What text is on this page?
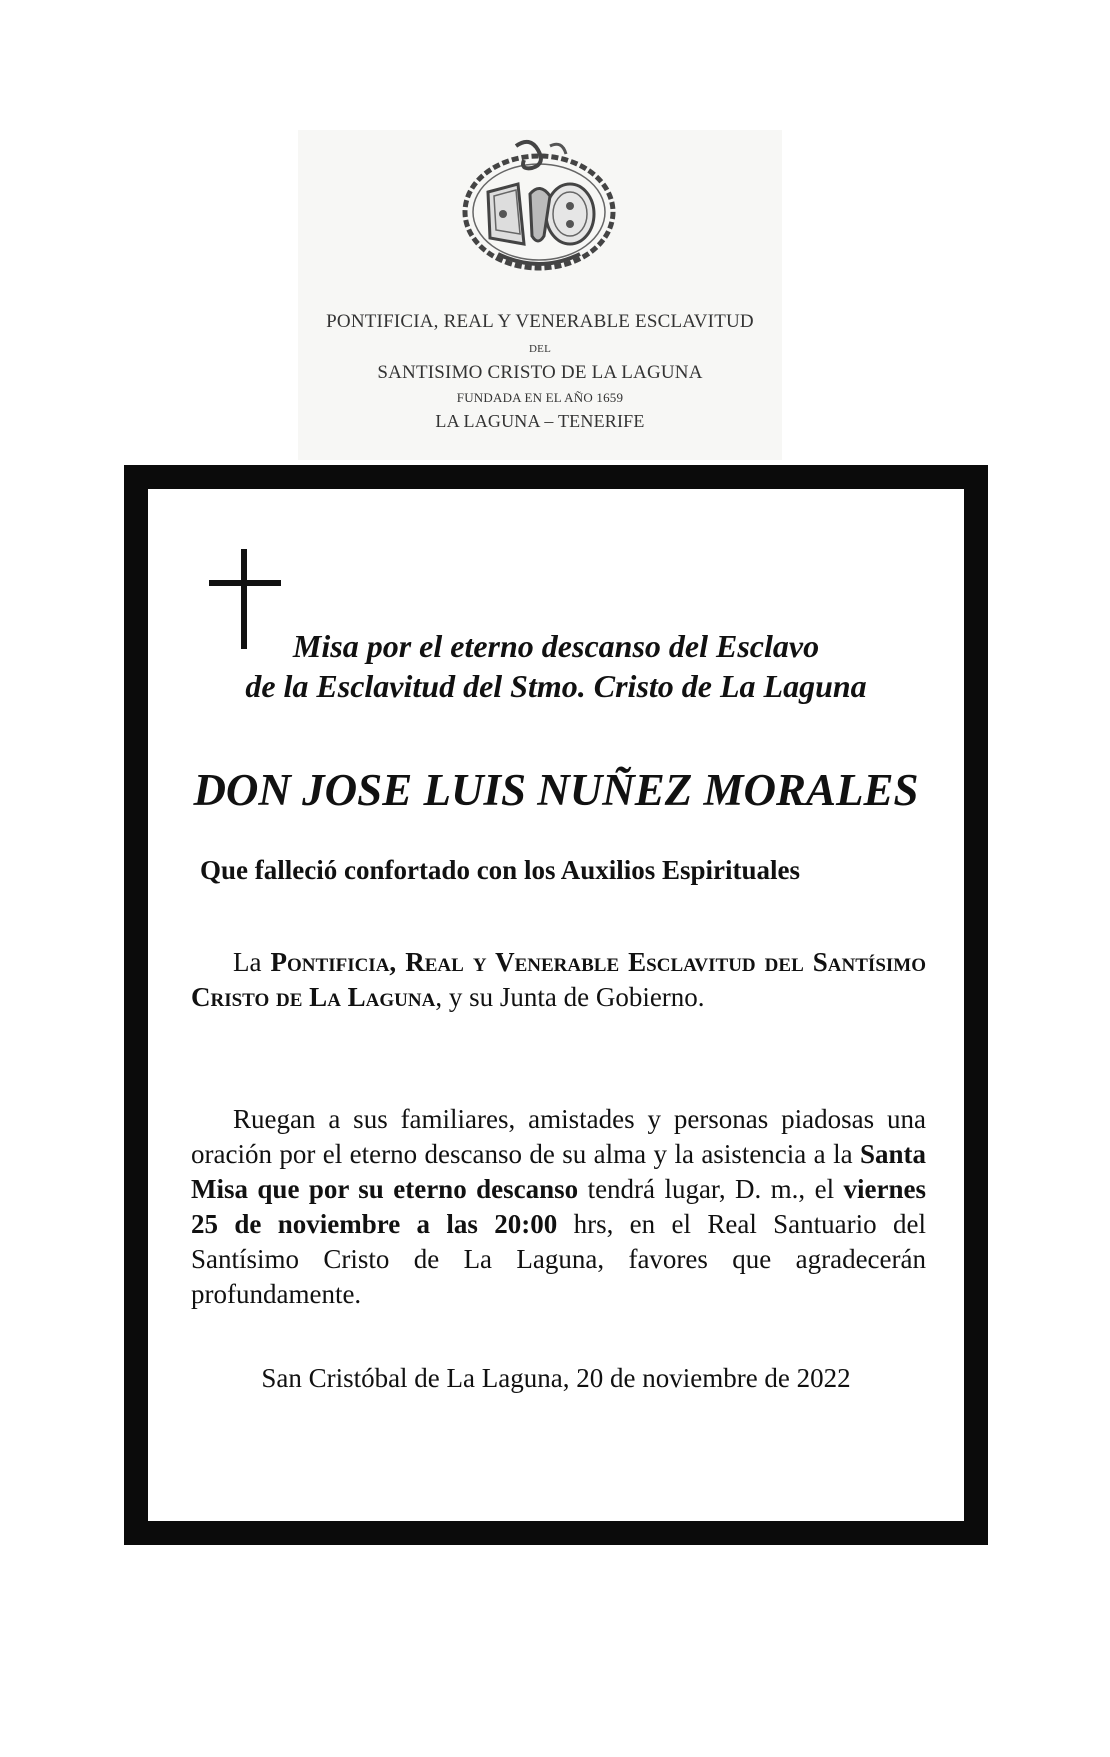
PONTIFICIA, REAL Y VENERABLE ESCLAVITUD
DEL
SANTISIMO CRISTO DE LA LAGUNA
FUNDADA EN EL AÑO 1659
LA LAGUNA – TENERIFE
Misa por el eterno descanso del Esclavo
de la Esclavitud del Stmo. Cristo de La Laguna
DON JOSE LUIS NUÑEZ MORALES
Que falleció confortado con los Auxilios Espirituales

La Pontificia, Real y Venerable Esclavitud del Santísimo Cristo de La Laguna, y su Junta de Gobierno.

Ruegan a sus familiares, amistades y personas piadosas una oración por el eterno descanso de su alma y la asistencia a la Santa Misa que por su eterno descanso tendrá lugar, D. m., el viernes 25 de noviembre a las 20:00 hrs, en el Real Santuario del Santísimo Cristo de La Laguna, favores que agradecerán profundamente.

San Cristóbal de La Laguna, 20 de noviembre de 2022
